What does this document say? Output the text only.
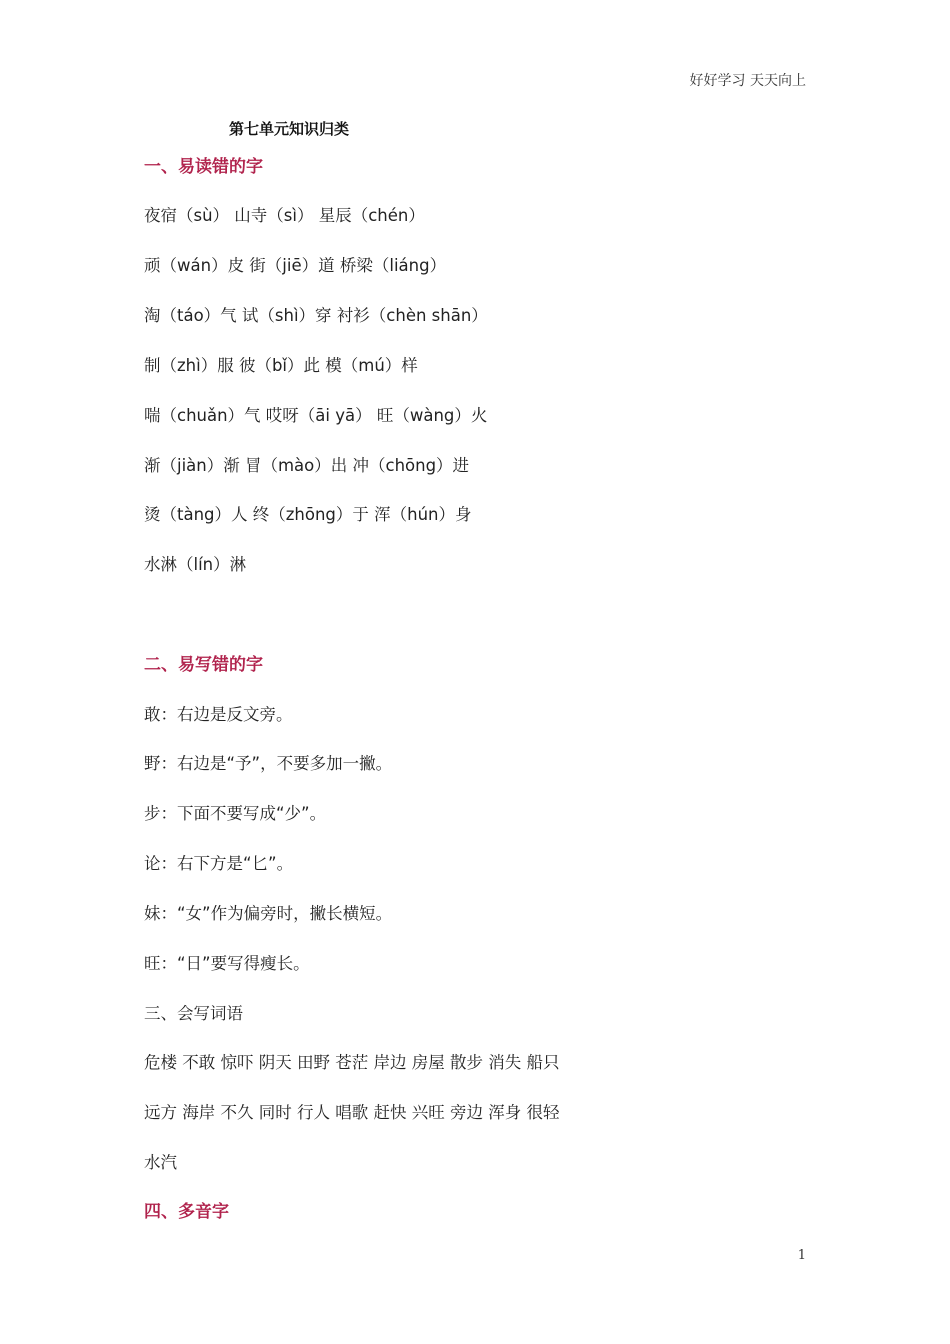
好好学习 天天向上
第七单元知识归类
一、易读错的字
夜宿（sù） 山寺（sì） 星辰（chén）
顽（wán）皮 街（jiē）道 桥梁（liáng）
淘（táo）气 试（shì）穿 衬衫（chèn shān）
制（zhì）服 彼（bǐ）此 模（mú）样
喘（chuǎn）气 哎呀（āi yā） 旺（wàng）火
渐（jiàn）渐 冒（mào）出 冲（chōng）进
烫（tàng）人 终（zhōng）于 浑（hún）身
水淋（lín）淋
二、易写错的字
敢：右边是反文旁。
野：右边是“予”，不要多加一撇。
步：下面不要写成“少”。
论：右下方是“匕”。
妹：“女”作为偏旁时，撇长横短。
旺：“日”要写得瘦长。
三、会写词语
危楼 不敢 惊吓 阴天 田野 苍茫 岸边 房屋 散步 消失 船只
远方 海岸 不久 同时 行人 唱歌 赶快 兴旺 旁边 浑身 很轻
水汽
四、多音字
1
